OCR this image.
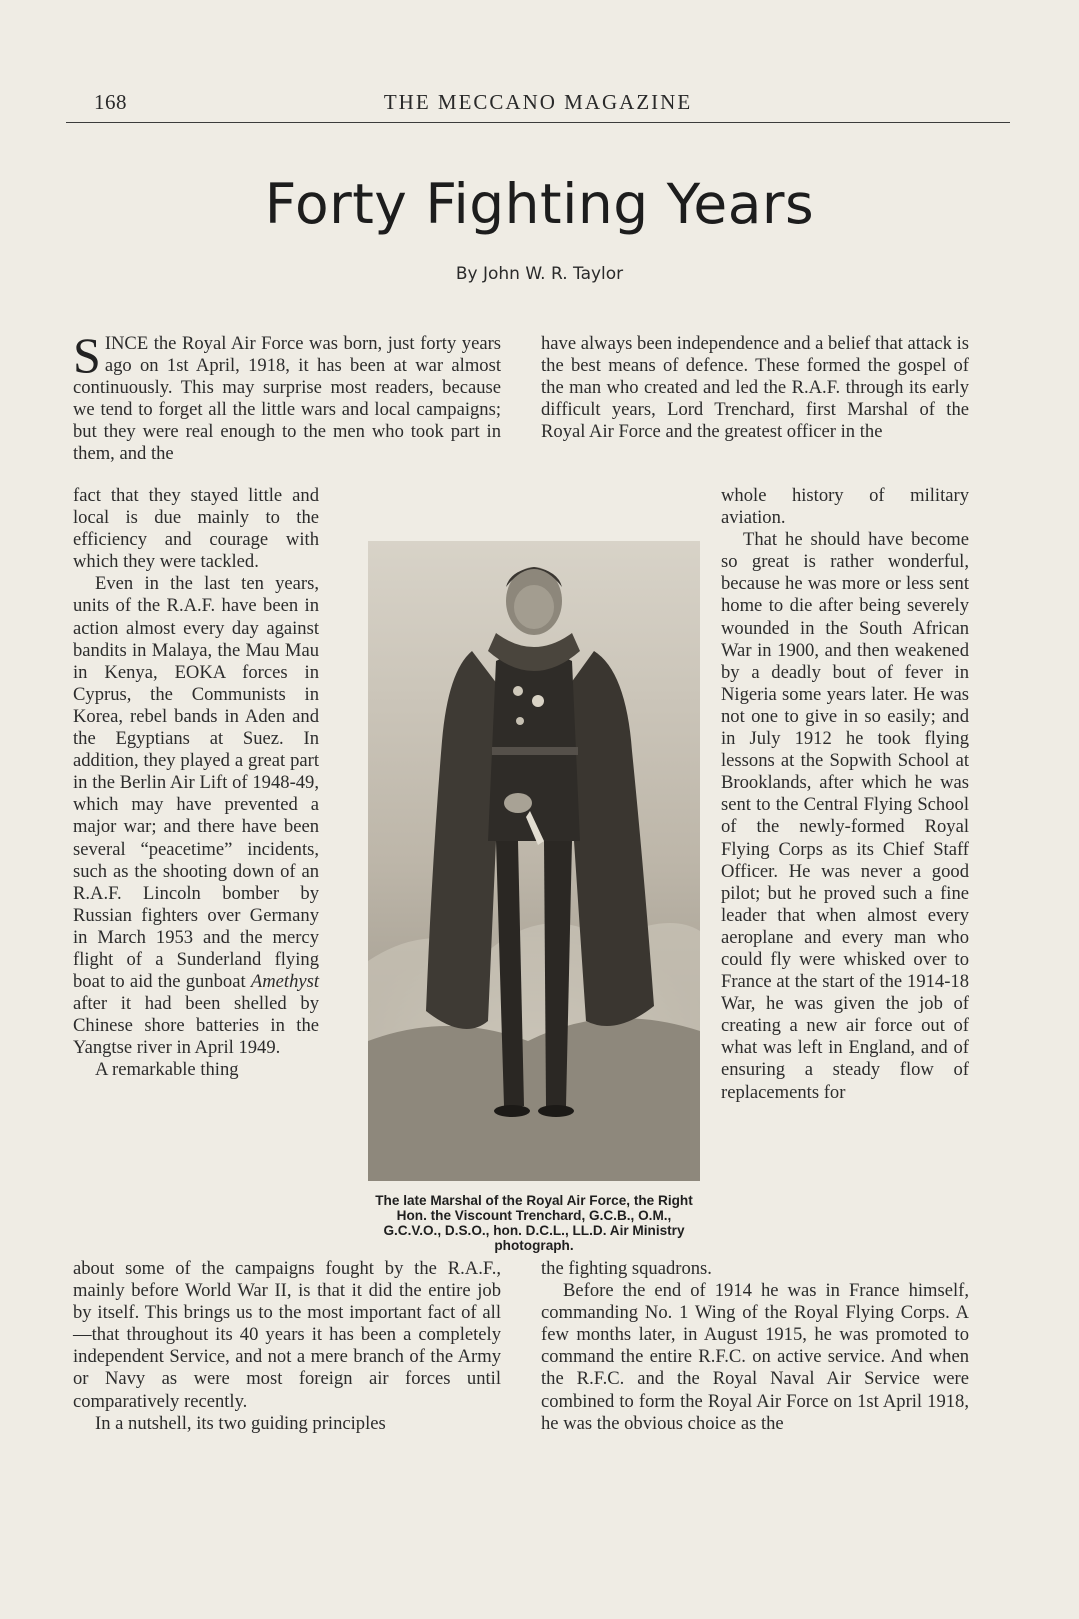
168	THE MECCANO MAGAZINE
Forty Fighting Years
By John W. R. Taylor

SINCE the Royal Air Force was born, just forty years ago on 1st April, 1918, it has been at war almost continuously. This may surprise most readers, because we tend to forget all the little wars and local campaigns; but they were real enough to the men who took part in them, and the

fact that they stayed little and local is due mainly to the efficiency and courage with which they were tackled.

Even in the last ten years, units of the R.A.F. have been in action almost every day against bandits in Malaya, the Mau Mau in Kenya, EOKA forces in Cyprus, the Communists in Korea, rebel bands in Aden and the Egyptians at Suez. In addition, they played a great part in the Berlin Air Lift of 1948-49, which may have prevented a major war; and there have been several “peacetime” incidents, such as the shooting down of an R.A.F. Lincoln bomber by Russian fighters over Germany in March 1953 and the mercy flight of a Sunderland flying boat to aid the gunboat Amethyst after it had been shelled by Chinese shore batteries in the Yangtse river in April 1949.

A remarkable thing

about some of the campaigns fought by the R.A.F., mainly before World War II, is that it did the entire job by itself. This brings us to the most important fact of all—that throughout its 40 years it has been a completely independent Service, and not a mere branch of the Army or Navy as were most foreign air forces until comparatively recently.

In a nutshell, its two guiding principles

have always been independence and a belief that attack is the best means of defence. These formed the gospel of the man who created and led the R.A.F. through its early difficult years, Lord Trenchard, first Marshal of the Royal Air Force and the greatest officer in the

whole history of military aviation.

That he should have become so great is rather wonderful, because he was more or less sent home to die after being severely wounded in the South African War in 1900, and then weakened by a deadly bout of fever in Nigeria some years later. He was not one to give in so easily; and in July 1912 he took flying lessons at the Sopwith School at Brooklands, after which he was sent to the Central Flying School of the newly-formed Royal Flying Corps as its Chief Staff Officer. He was never a good pilot; but he proved such a fine leader that when almost every aeroplane and every man who could fly were whisked over to France at the start of the 1914-18 War, he was given the job of creating a new air force out of what was left in England, and of ensuring a steady flow of replacements for

the fighting squadrons.

Before the end of 1914 he was in France himself, commanding No. 1 Wing of the Royal Flying Corps. A few months later, in August 1915, he was promoted to command the entire R.F.C. on active service. And when the R.F.C. and the Royal Naval Air Service were combined to form the Royal Air Force on 1st April 1918, he was the obvious choice as the

The late Marshal of the Royal Air Force, the Right Hon. the Viscount Trenchard, G.C.B., O.M., G.C.V.O., D.S.O., hon. D.C.L., LL.D. Air Ministry photograph.
